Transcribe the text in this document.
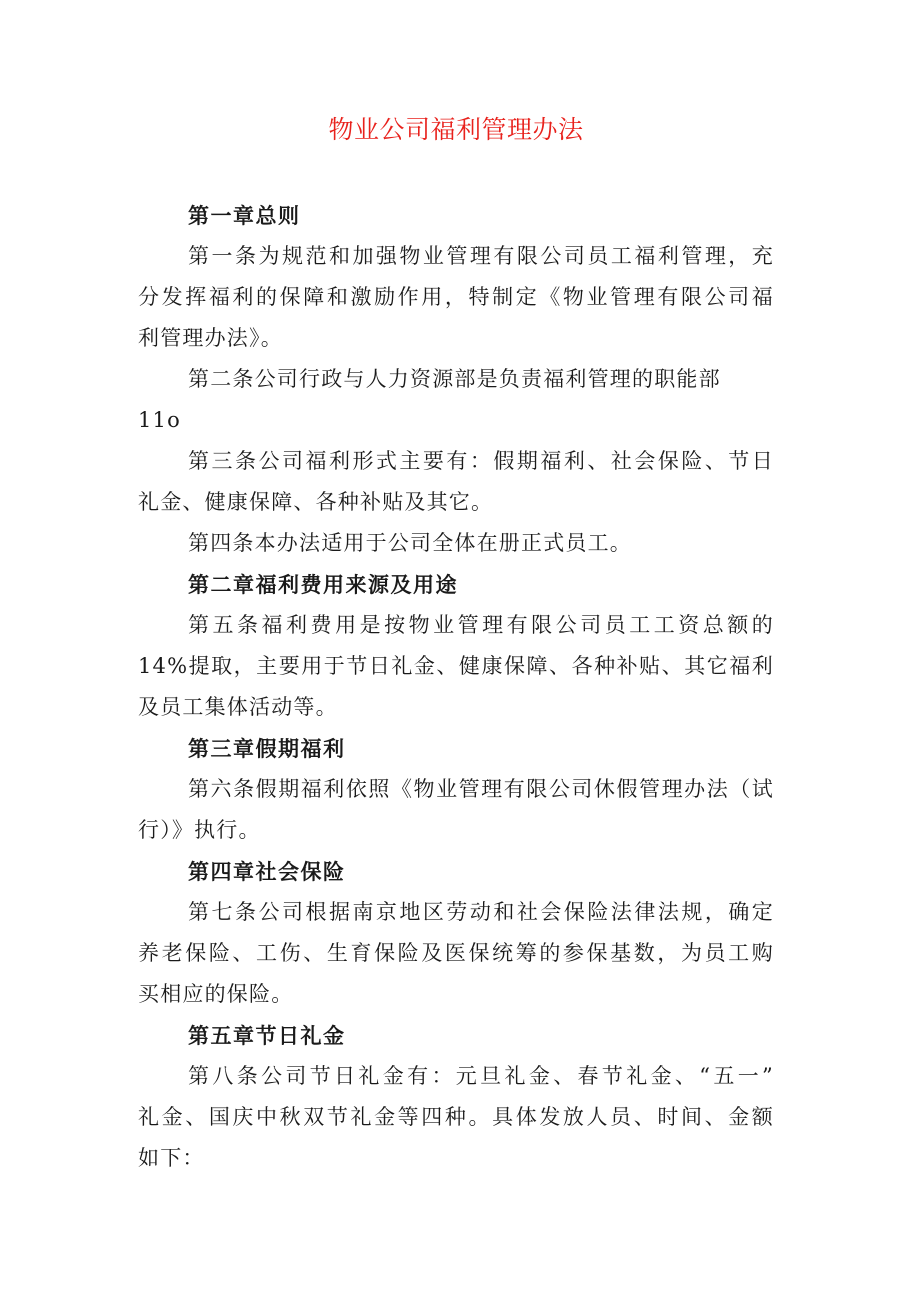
物业公司福利管理办法
第一章总则
第一条为规范和加强物业管理有限公司员工福利管理，充
分发挥福利的保障和激励作用，特制定《物业管理有限公司福
利管理办法》。
第二条公司行政与人力资源部是负责福利管理的职能部
11o
第三条公司福利形式主要有：假期福利、社会保险、节日
礼金、健康保障、各种补贴及其它。
第四条本办法适用于公司全体在册正式员工。
第二章福利费用来源及用途
第五条福利费用是按物业管理有限公司员工工资总额的
14%提取，主要用于节日礼金、健康保障、各种补贴、其它福利
及员工集体活动等。
第三章假期福利
第六条假期福利依照《物业管理有限公司休假管理办法（试
行）》执行。
第四章社会保险
第七条公司根据南京地区劳动和社会保险法律法规，确定
养老保险、工伤、生育保险及医保统筹的参保基数，为员工购
买相应的保险。
第五章节日礼金
第八条公司节日礼金有：元旦礼金、春节礼金、“五一”
礼金、国庆中秋双节礼金等四种。具体发放人员、时间、金额
如下：
